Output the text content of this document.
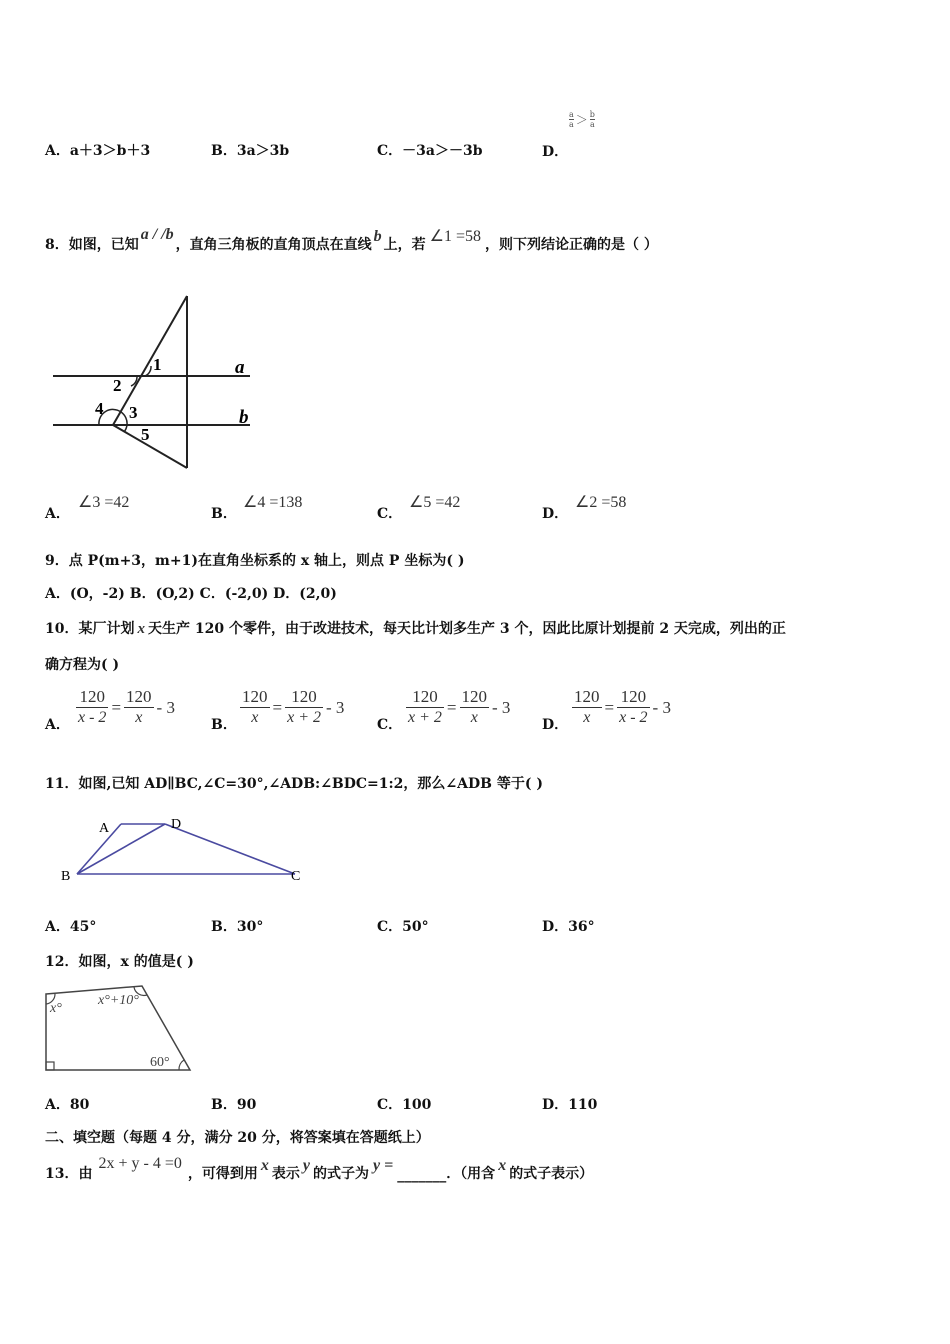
A．a＋3＞b＋3	B．3a＞3b	C．－3a＞－3b	D．
$\frac{a}{a} > \frac{b}{a}$
8．如图，已知
a / /b
，直角三角板的直角顶点在直线 b 上，若 ∠1 =58 ，则下列结论正确的是（ ）
1
2
3
4
5
a
b
A．
∠3 =42
B．
∠4 =138
C．
∠5 =42
D．
∠2 =58
9．点 P(m+3，m+1)在直角坐标系的 x 轴上，则点 P 坐标为( )
A．(O，-2) B．(O,2) C．(-2,0) D．(2,0)
10．某厂计划 x 天生产 120 个零件，由于改进技术，每天比计划多生产 3 个，因此比原计划提前 2 天完成，列出的正
确方程为( )
A． $\frac{120}{x - 2} = \frac{120}{x} - 3$
B． $\frac{120}{x} = \frac{120}{x + 2} - 3$
C． $\frac{120}{x + 2} = \frac{120}{x} - 3$
D． $\frac{120}{x} = \frac{120}{x - 2} - 3$
11．如图,已知 AD∥BC,∠C=30°,∠ADB:∠BDC=1:2，那么∠ADB 等于( )
A	D
B	C
A．45°	B．30°	C．50°	D．36°
12．如图，x 的值是( )
x°
x°+10°
60°
A．80	B．90	C．100	D．110
二、填空题（每题 4 分，满分 20 分，将答案填在答题纸上）
13．由
2x + y - 4 =0
，可得到用 x 表示 y 的式子为 y =
_______ ．（用含 x 的式子表示）
